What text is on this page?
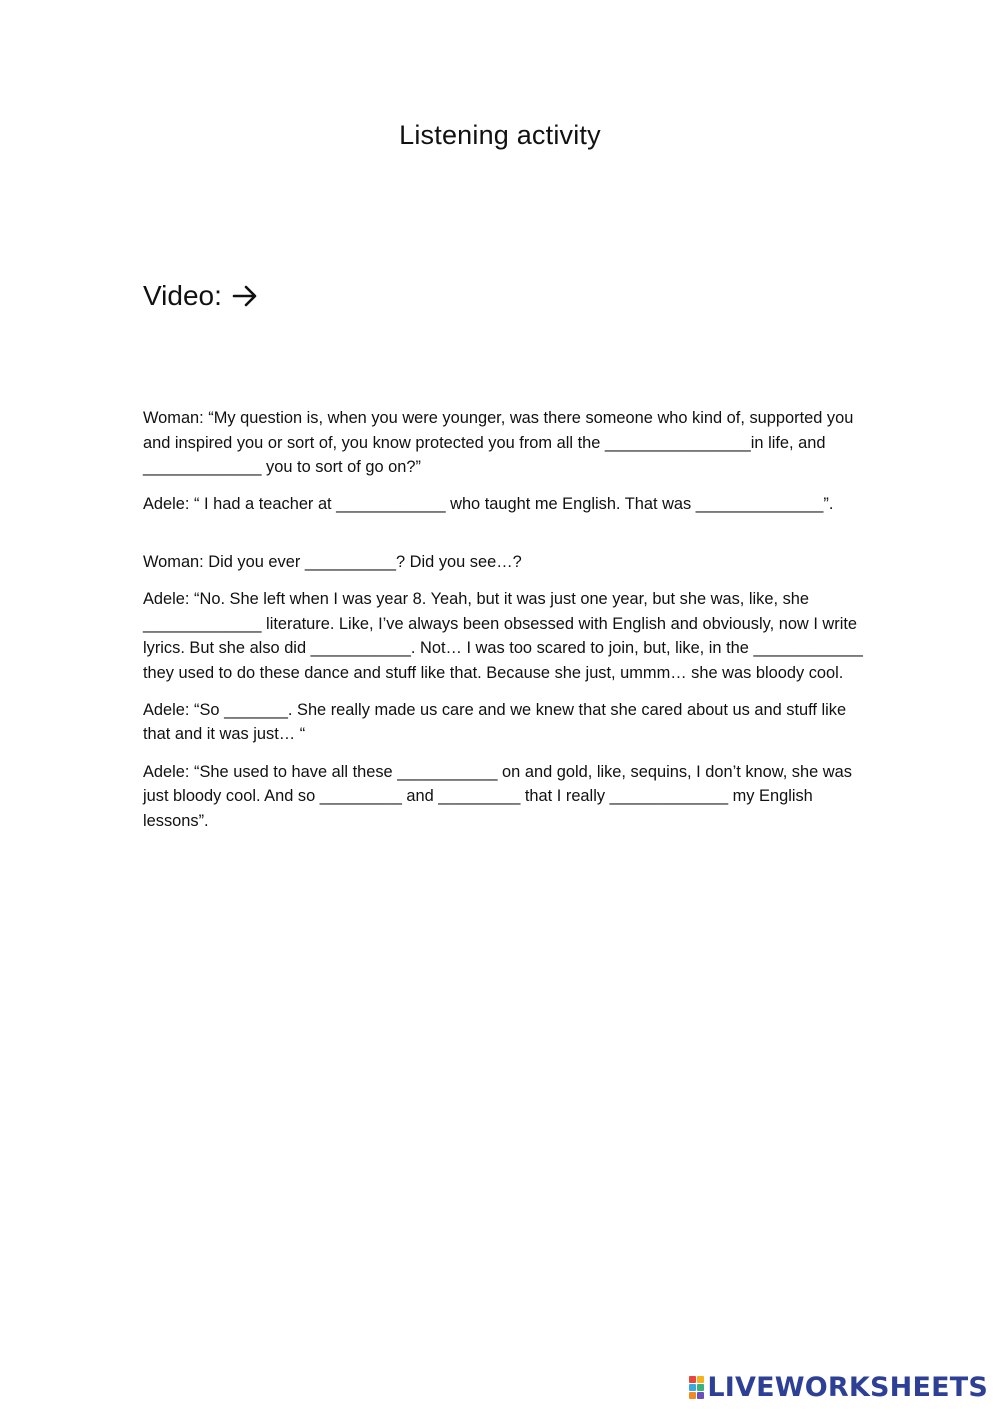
Listening activity
Video:

Woman: “My question is, when you were younger, was there someone who kind of, supported you and inspired you or sort of, you know protected you from all the ________________in life, and _____________ you to sort of go on?”

Adele: “ I had a teacher at ____________ who taught me English. That was ______________”.

Woman: Did you ever __________? Did you see…?

Adele: “No. She left when I was year 8. Yeah, but it was just one year, but she was, like, she _____________ literature. Like, I’ve always been obsessed with English and obviously, now I write lyrics. But she also did ___________. Not… I was too scared to join, but, like, in the ____________ they used to do these dance and stuff like that. Because she just, ummm… she was bloody cool.

Adele: “So _______. She really made us care and we knew that she cared about us and stuff like that and it was just… “

Adele: “She used to have all these ___________ on and gold, like, sequins, I don’t know, she was just bloody cool. And so _________ and _________ that I really _____________ my English lessons”.

LIVEWORKSHEETS
